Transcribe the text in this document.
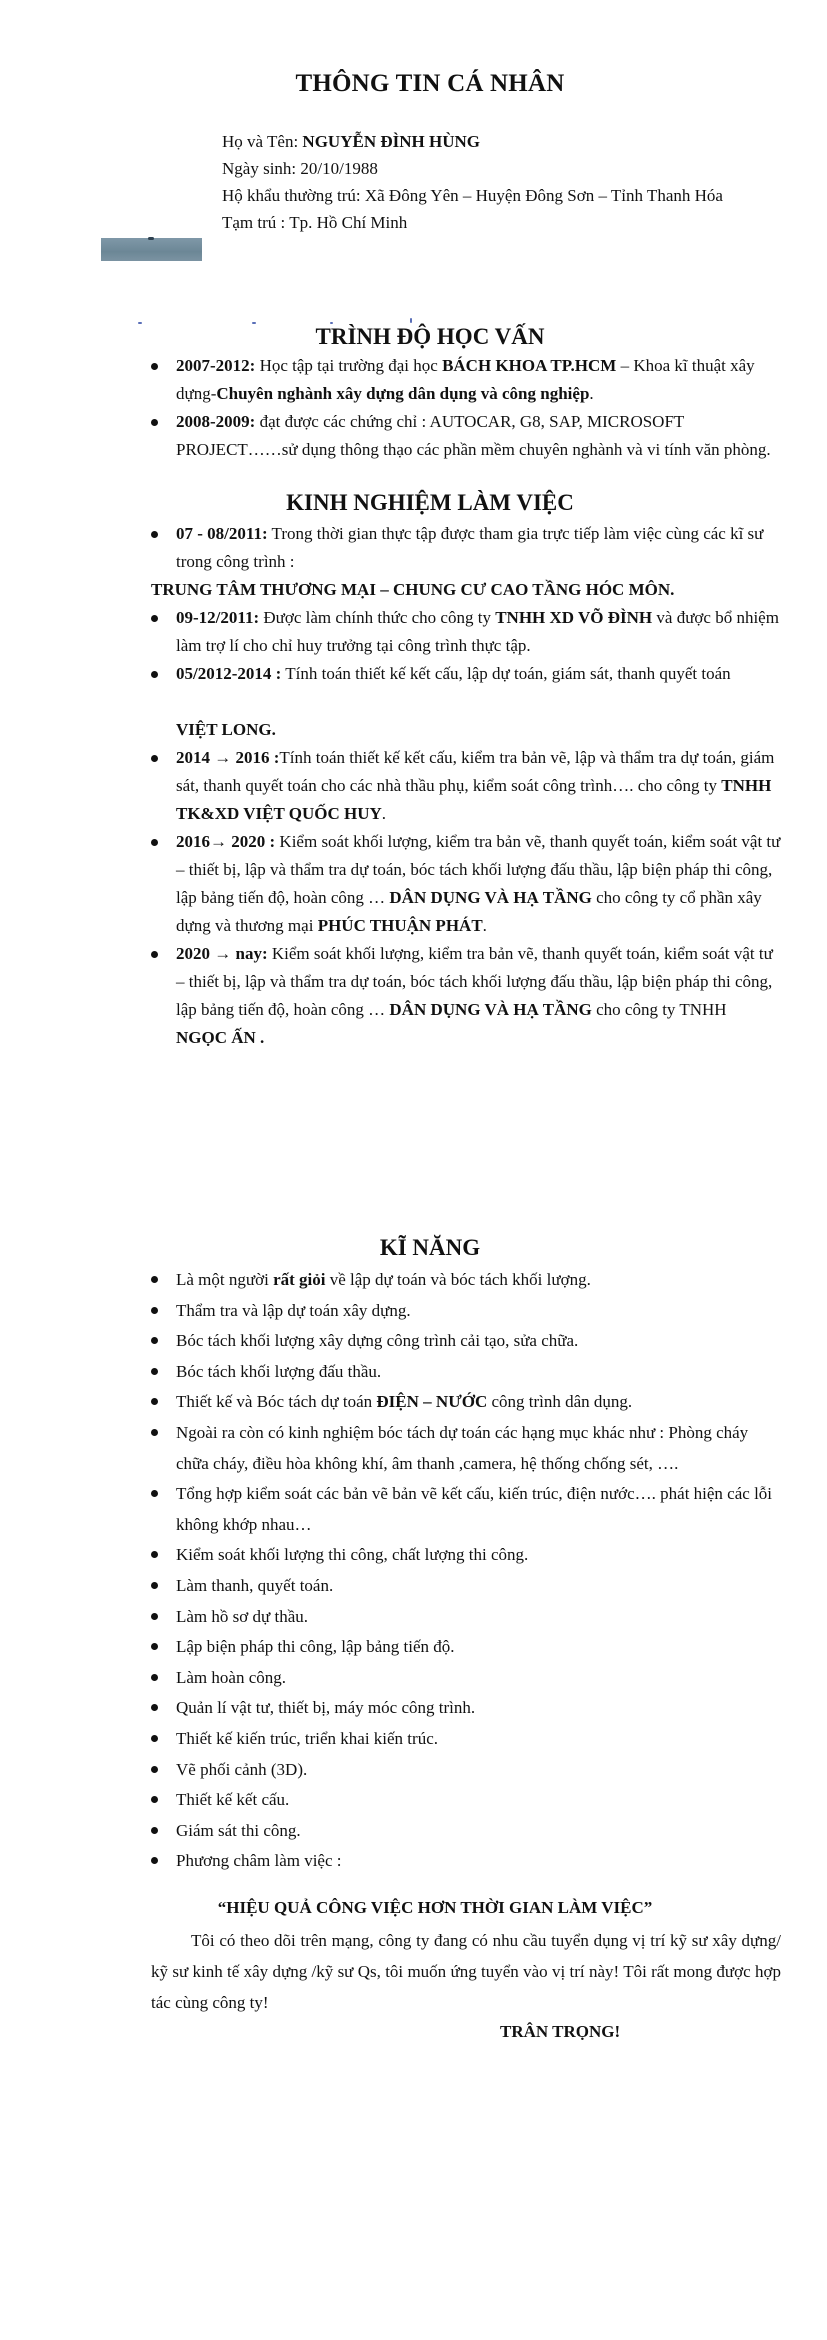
THÔNG TIN CÁ NHÂN
Họ và Tên: NGUYỄN ĐÌNH HÙNG
Ngày sinh: 20/10/1988
Hộ khẩu thường trú: Xã Đông Yên – Huyện Đông Sơn – Tỉnh Thanh Hóa
Tạm trú : Tp. Hồ Chí Minh
TRÌNH ĐỘ HỌC VẤN
2007-2012: Học tập tại trường đại học BÁCH KHOA TP.HCM – Khoa kĩ thuật xây dựng-Chuyên nghành xây dựng dân dụng và công nghiệp.
2008-2009: đạt được các chứng chỉ : AUTOCAR, G8, SAP, MICROSOFT PROJECT……sử dụng thông thạo các phần mềm chuyên nghành và vi tính văn phòng.
KINH NGHIỆM LÀM VIỆC
07 - 08/2011: Trong thời gian thực tập được tham gia trực tiếp làm việc cùng các kĩ sư trong công trình :
TRUNG TÂM THƯƠNG MẠI – CHUNG CƯ CAO TẦNG HÓC MÔN.
09-12/2011: Được làm chính thức cho công ty TNHH XD VÕ ĐÌNH và được bổ nhiệm làm trợ lí cho chỉ huy trưởng tại công trình thực tập.
05/2012-2014 : Tính toán thiết kế kết cấu, lập dự toán, giám sát, thanh quyết toán
VIỆT LONG.
2014 → 2016 :Tính toán thiết kế kết cấu, kiểm tra bản vẽ, lập và thẩm tra dự toán, giám sát, thanh quyết toán cho các nhà thầu phụ, kiểm soát công trình…. cho công ty TNHH TK&XD VIỆT QUỐC HUY.
2016→ 2020 : Kiểm soát khối lượng, kiểm tra bản vẽ, thanh quyết toán, kiểm soát vật tư – thiết bị, lập và thẩm tra dự toán, bóc tách khối lượng đấu thầu, lập biện pháp thi công, lập bảng tiến độ, hoàn công … DÂN DỤNG VÀ HẠ TẦNG cho công ty cổ phần xây dựng và thương mại PHÚC THUẬN PHÁT.
2020 → nay: Kiểm soát khối lượng, kiểm tra bản vẽ, thanh quyết toán, kiểm soát vật tư – thiết bị, lập và thẩm tra dự toán, bóc tách khối lượng đấu thầu, lập biện pháp thi công, lập bảng tiến độ, hoàn công … DÂN DỤNG VÀ HẠ TẦNG cho công ty TNHH NGỌC ẤN .
KĨ NĂNG
Là một người rất giỏi về lập dự toán và bóc tách khối lượng.
Thẩm tra và lập dự toán xây dựng.
Bóc tách khối lượng xây dựng công trình cải tạo, sửa chữa.
Bóc tách khối lượng đấu thầu.
Thiết kế và Bóc tách dự toán ĐIỆN – NƯỚC công trình dân dụng.
Ngoài ra còn có kinh nghiệm bóc tách dự toán các hạng mục khác như : Phòng cháy chữa cháy, điều hòa không khí, âm thanh ,camera, hệ thống chống sét, ….
Tổng hợp kiểm soát các bản vẽ bản vẽ kết cấu, kiến trúc, điện nước…. phát hiện các lỗi không khớp nhau…
Kiểm soát khối lượng thi công, chất lượng thi công.
Làm thanh, quyết toán.
Làm hồ sơ dự thầu.
Lập biện pháp thi công, lập bảng tiến độ.
Làm hoàn công.
Quản lí vật tư, thiết bị, máy móc công trình.
Thiết kế kiến trúc, triển khai kiến trúc.
Vẽ phối cảnh (3D).
Thiết kế kết cấu.
Giám sát thi công.
Phương châm làm việc :
“HIỆU QUẢ CÔNG VIỆC HƠN THỜI GIAN LÀM VIỆC”
Tôi có theo dõi trên mạng, công ty đang có nhu cầu tuyển dụng vị trí kỹ sư xây dựng/ kỹ sư kinh tế xây dựng /kỹ sư Qs, tôi muốn ứng tuyển vào vị trí này! Tôi rất mong được hợp tác cùng công ty!
TRÂN TRỌNG!
